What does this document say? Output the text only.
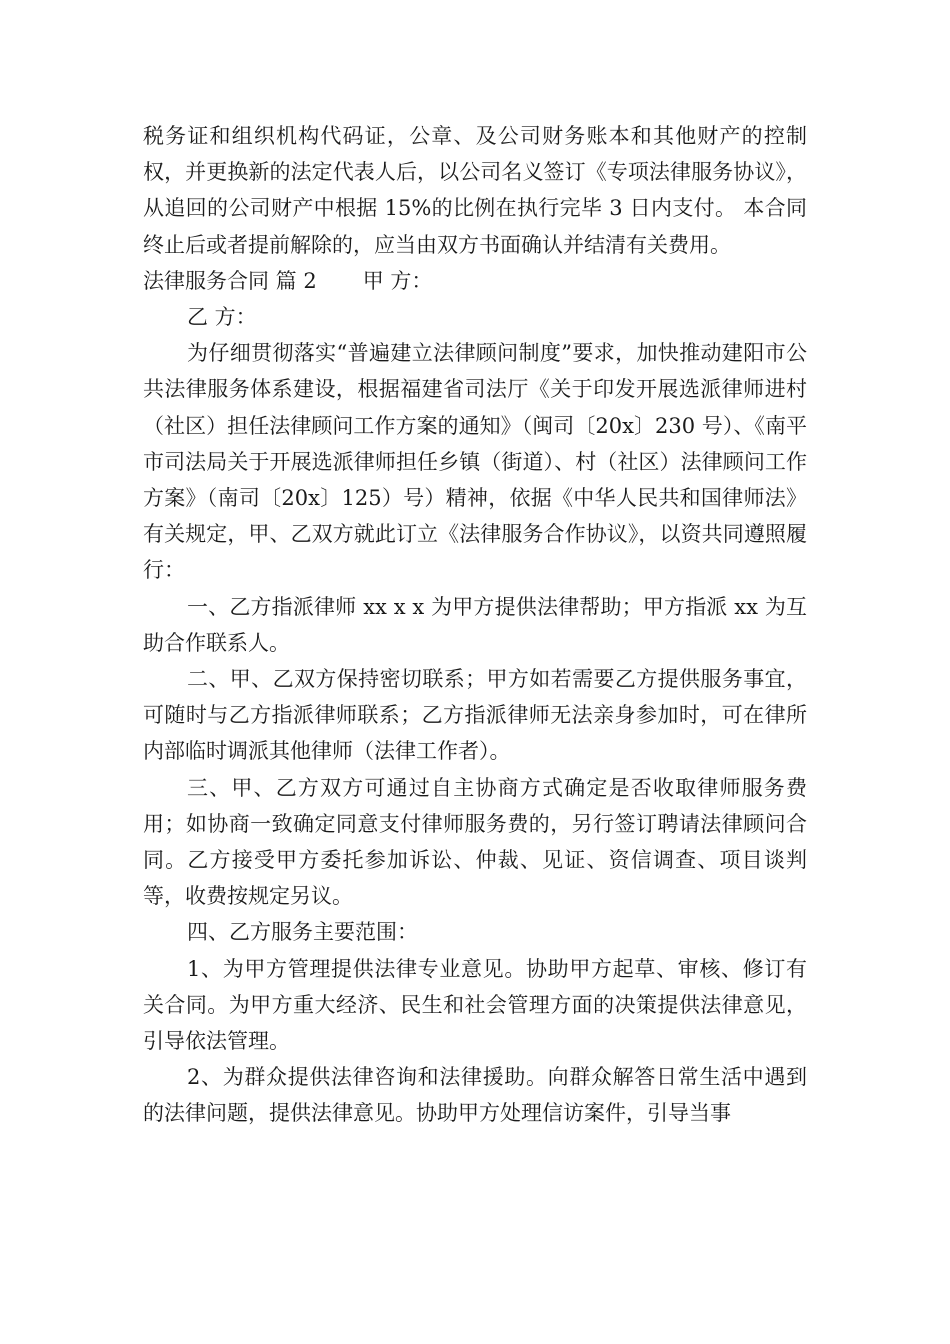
税务证和组织机构代码证，公章、及公司财务账本和其他财产的控制权，并更换新的法定代表人后，以公司名义签订《专项法律服务协议》，从追回的公司财产中根据 15%的比例在执行完毕 3 日内支付。 本合同终止后或者提前解除的，应当由双方书面确认并结清有关费用。

法律服务合同 篇 2 甲 方：

乙 方：

为仔细贯彻落实“普遍建立法律顾问制度”要求，加快推动建阳市公共法律服务体系建设，根据福建省司法厅《关于印发开展选派律师进村（社区）担任法律顾问工作方案的通知》（闽司〔20x〕230 号）、《南平市司法局关于开展选派律师担任乡镇（街道）、村（社区）法律顾问工作方案》（南司〔20x〕125）号）精神，依据《中华人民共和国律师法》有关规定，甲、乙双方就此订立《法律服务合作协议》，以资共同遵照履行：

一、乙方指派律师 xx x x 为甲方提供法律帮助；甲方指派 xx 为互助合作联系人。

二、甲、乙双方保持密切联系；甲方如若需要乙方提供服务事宜，可随时与乙方指派律师联系；乙方指派律师无法亲身参加时，可在律所内部临时调派其他律师（法律工作者）。

三、甲、乙方双方可通过自主协商方式确定是否收取律师服务费用；如协商一致确定同意支付律师服务费的，另行签订聘请法律顾问合同。乙方接受甲方委托参加诉讼、仲裁、见证、资信调查、项目谈判等，收费按规定另议。

四、乙方服务主要范围：

1、为甲方管理提供法律专业意见。协助甲方起草、审核、修订有关合同。为甲方重大经济、民生和社会管理方面的决策提供法律意见，引导依法管理。

2、为群众提供法律咨询和法律援助。向群众解答日常生活中遇到的法律问题，提供法律意见。协助甲方处理信访案件，引导当事
